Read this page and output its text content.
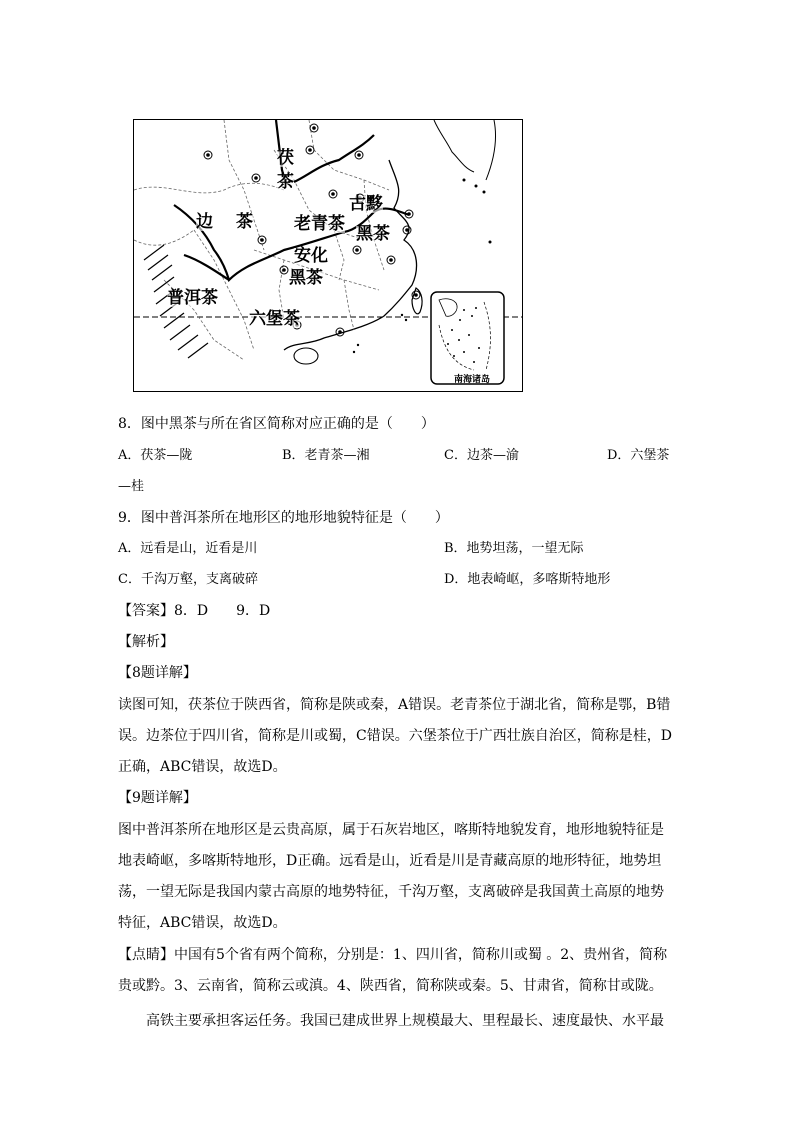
茯
茶
边 茶 老青茶
古黟
黑茶
安化
黑茶
普洱茶
六堡茶
南海诸岛
8．图中黑茶与所在省区简称对应正确的是（　　）
A．茯茶—陇	B．老青茶—湘	C．边茶—渝	D．六堡茶
—桂
9．图中普洱茶所在地形区的地形地貌特征是（　　）
A．远看是山，近看是川	B．地势坦荡，一望无际
C．千沟万壑，支离破碎	D．地表崎岖，多喀斯特地形
【答案】8．D　　9．D
【解析】
【8题详解】
读图可知，茯茶位于陕西省，简称是陕或秦，A错误。老青茶位于湖北省，简称是鄂，B错
误。边茶位于四川省，简称是川或蜀，C错误。六堡茶位于广西壮族自治区，简称是桂，D
正确，ABC错误，故选D。
【9题详解】
图中普洱茶所在地形区是云贵高原，属于石灰岩地区，喀斯特地貌发育，地形地貌特征是
地表崎岖，多喀斯特地形，D正确。远看是山，近看是川是青藏高原的地形特征，地势坦
荡，一望无际是我国内蒙古高原的地势特征，千沟万壑，支离破碎是我国黄土高原的地势
特征，ABC错误，故选D。
【点睛】中国有5个省有两个简称，分别是：1、四川省，简称川或蜀 。2、贵州省，简称
贵或黔。3、云南省，简称云或滇。4、陕西省，简称陕或秦。5、甘肃省，简称甘或陇。
高铁主要承担客运任务。我国已建成世界上规模最大、里程最长、速度最快、水平最
